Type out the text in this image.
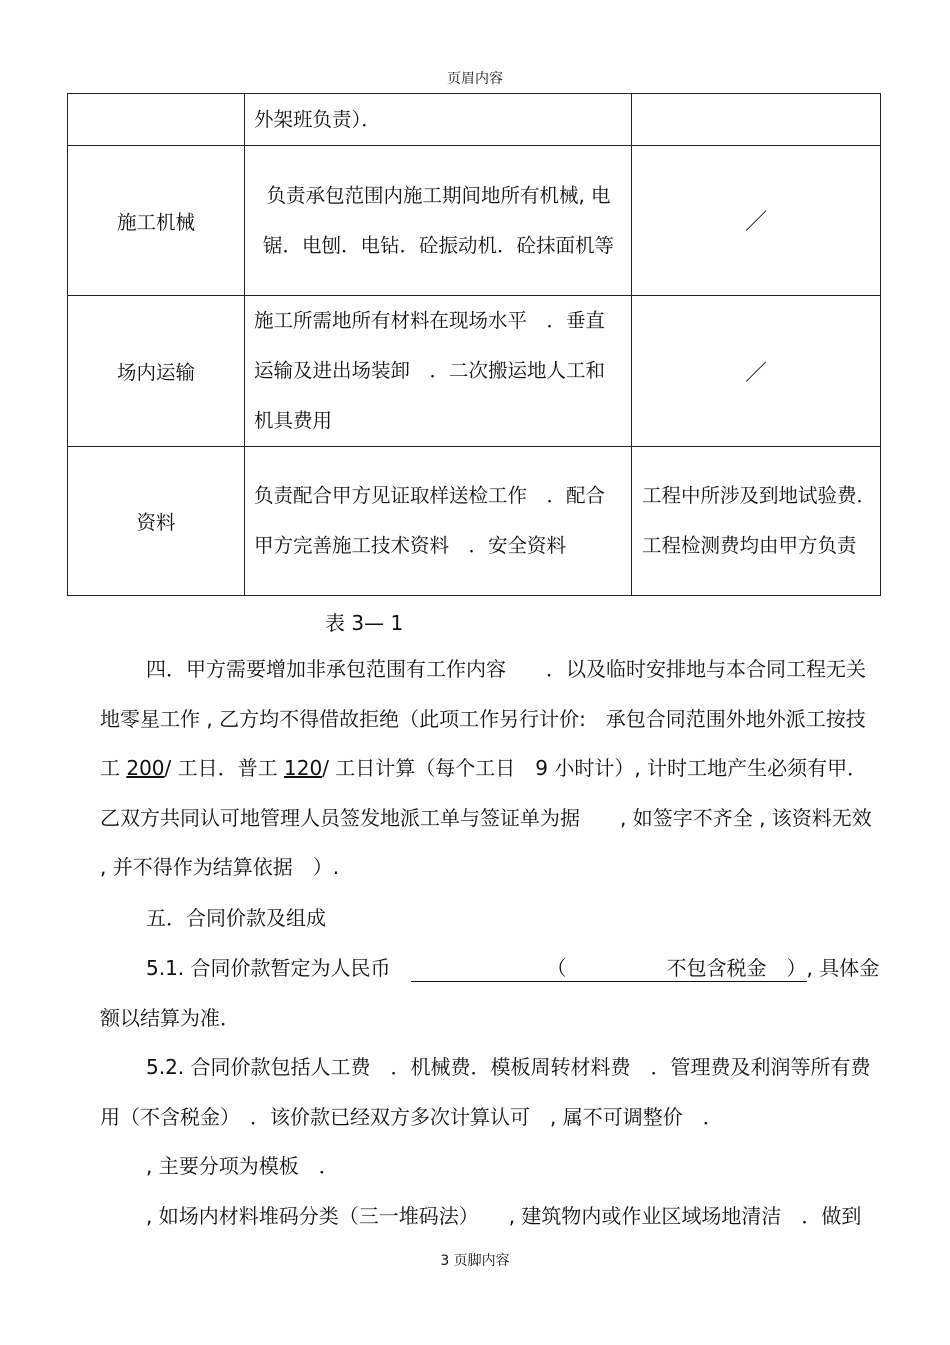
页眉内容
	外架班负责）．	
施工机械	负责承包范围内施工期间地所有机械, 电锯．电刨．电钻．砼振动机．砼抹面机等	／
场内运输	施工所需地所有材料在现场水平　．垂直运输及进出场装卸　．二次搬运地人工和机具费用	／
资料	负责配合甲方见证取样送检工作　．配合甲方完善施工技术资料　．安全资料	工程中所涉及到地试验费．工程检测费均由甲方负责
表 3— 1
四．甲方需要增加非承包范围有工作内容　　．以及临时安排地与本合同工程无关地零星工作 , 乙方均不得借故拒绝（此项工作另行计价:　承包合同范围外地外派工按技工 200/ 工日．普工 120/ 工日计算（每个工日　9 小时计）, 计时工地产生必须有甲．乙双方共同认可地管理人员签发地派工单与签证单为据　　, 如签字不齐全 , 该资料无效 , 并不得作为结算依据　）.
五．合同价款及组成
5.1. 合同价款暂定为人民币　	　　　　　（　　　　　不包含税金　）, 具体金额以结算为准．
5.2. 合同价款包括人工费　．机械费．模板周转材料费　．管理费及利润等所有费用（不含税金）　．该价款已经双方多次计算认可　, 属不可调整价　．
, 主要分项为模板　．
, 如场内材料堆码分类（三一堆码法）　　, 建筑物内或作业区域场地清洁　．做到
3 页脚内容
